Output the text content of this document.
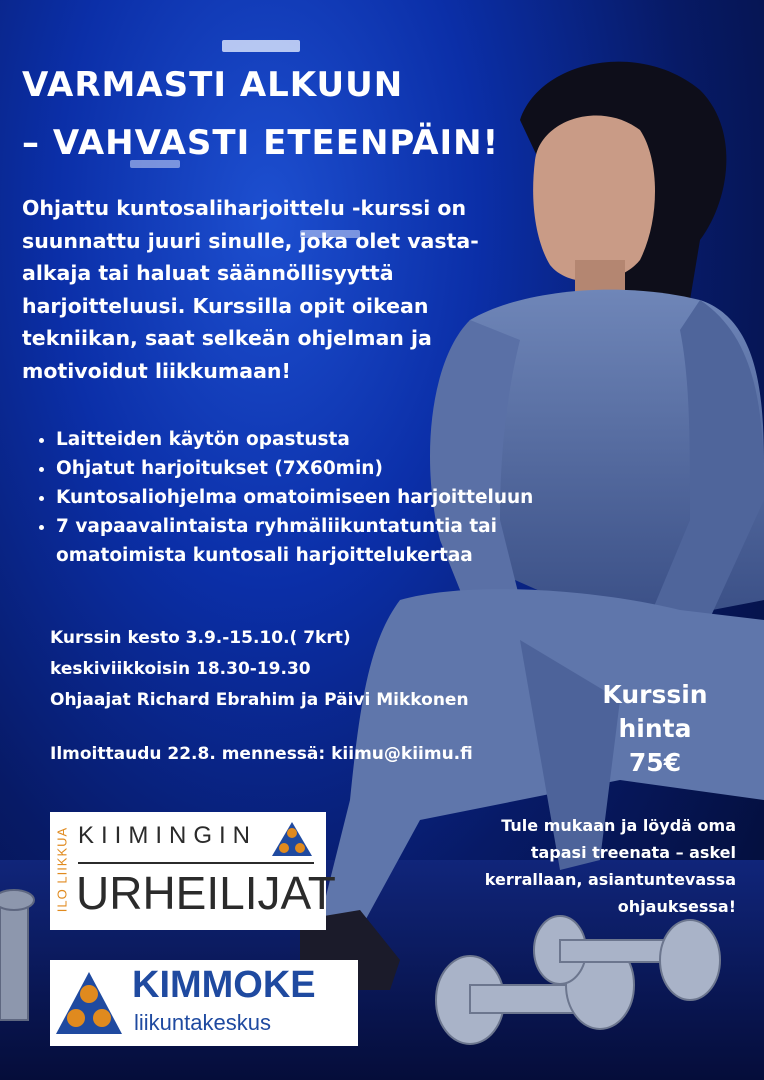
VARMASTI ALKUUN
– VAHVASTI ETEENPÄIN!
Ohjattu kuntosaliharjoittelu -kurssi on suunnattu juuri sinulle, joka olet vasta-alkaja tai haluat säännöllisyyttä harjoitteluusi. Kurssilla opit oikean tekniikan, saat selkeän ohjelman ja motivoidut liikkumaan!
• Laitteiden käytön opastusta
• Ohjatut harjoitukset (7X60min)
• Kuntosaliohjelma omatoimiseen harjoitteluun
• 7 vapaavalintaista ryhmäliikuntatuntia tai omatoimista kuntosali harjoittelukertaa
Kurssin kesto 3.9.-15.10.( 7krt)
keskiviikkoisin 18.30-19.30
Ohjaajat Richard Ebrahim ja Päivi Mikkonen
Ilmoittaudu 22.8. mennessä: kiimu@kiimu.fi
Kurssin
hinta
75€
Tule mukaan ja löydä oma tapasi treenata – askel kerrallaan, asiantuntevassa ohjauksessa!
ILO LIIKKUA KIIMINGIN
URHEILIJAT
KIMMOKE
liikuntakeskus
